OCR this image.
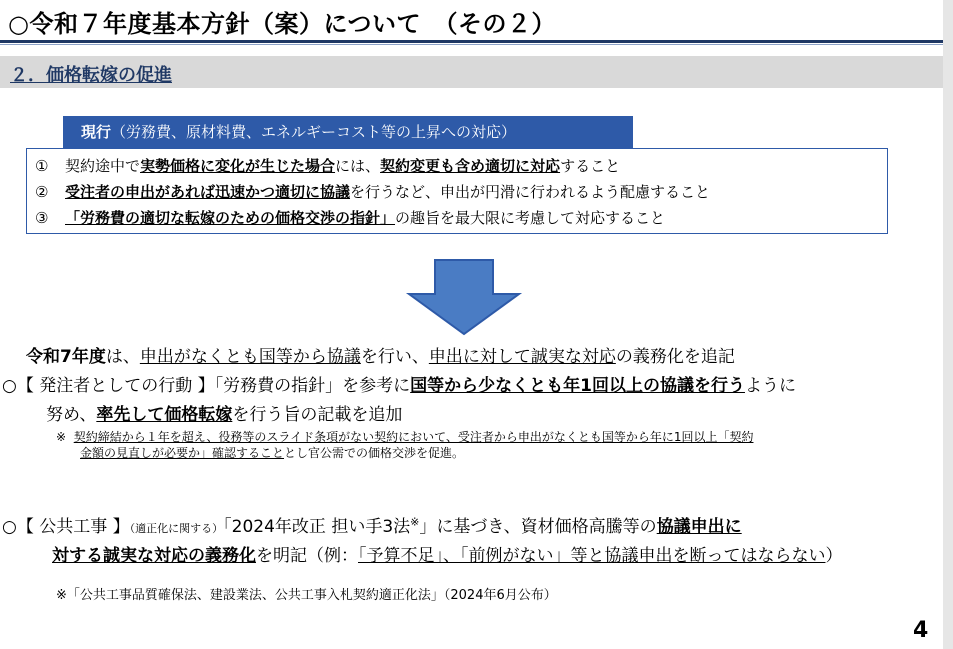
○令和７年度基本方針（案）について　（その２）
２．価格転嫁の促進
現行（労務費、原材料費、エネルギーコスト等の上昇への対応）
① 契約途中で実勢価格に変化が生じた場合には、契約変更も含め適切に対応すること
② 受注者の申出があれば迅速かつ適切に協議を行うなど、申出が円滑に行われるよう配慮すること
③ 「労務費の適切な転嫁のための価格交渉の指針」の趣旨を最大限に考慮して対応すること
令和7年度は、申出がなくとも国等から協議を行い、申出に対して誠実な対応の義務化を追記
○【 発注者としての行動 】「労務費の指針」を参考に国等から少なくとも年1回以上の協議を行うように
努め、率先して価格転嫁を行う旨の記載を追加
※ 契約締結から１年を超え、役務等のスライド条項がない契約において、受注者から申出がなくとも国等から年に1回以上「契約
金額の見直しが必要か」確認することとし官公需での価格交渉を促進。
○【 公共工事 】（適正化に関する）「2024年改正 担い手3法※」に基づき、資材価格高騰等の協議申出に
対する誠実な対応の義務化を明記（例：「予算不足」、「前例がない」等と協議申出を断ってはならない）
※「公共工事品質確保法、建設業法、公共工事入札契約適正化法」（2024年6月公布）
4
